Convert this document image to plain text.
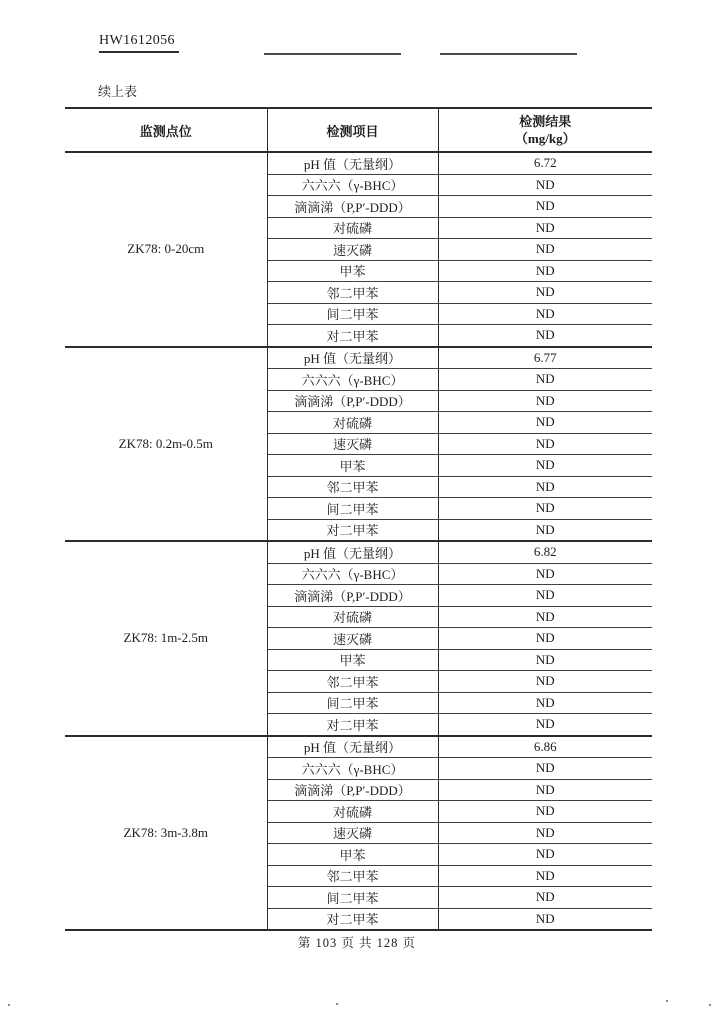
HW1612056
续上表
监测点位	检测项目	检测结果
（mg/kg）

ZK78: 0-20cm	pH 值（无量纲）	6.72
	六六六（γ-BHC）	ND
	滴滴涕（P,P′-DDD）	ND
	对硫磷	ND
	速灭磷	ND
	甲苯	ND
	邻二甲苯	ND
	间二甲苯	ND
	对二甲苯	ND
ZK78: 0.2m-0.5m	pH 值（无量纲）	6.77
	六六六（γ-BHC）	ND
	滴滴涕（P,P′-DDD）	ND
	对硫磷	ND
	速灭磷	ND
	甲苯	ND
	邻二甲苯	ND
	间二甲苯	ND
	对二甲苯	ND
ZK78: 1m-2.5m	pH 值（无量纲）	6.82
	六六六（γ-BHC）	ND
	滴滴涕（P,P′-DDD）	ND
	对硫磷	ND
	速灭磷	ND
	甲苯	ND
	邻二甲苯	ND
	间二甲苯	ND
	对二甲苯	ND
ZK78: 3m-3.8m	pH 值（无量纲）	6.86
	六六六（γ-BHC）	ND
	滴滴涕（P,P′-DDD）	ND
	对硫磷	ND
	速灭磷	ND
	甲苯	ND
	邻二甲苯	ND
	间二甲苯	ND
	对二甲苯	ND
第 103 页 共 128 页
